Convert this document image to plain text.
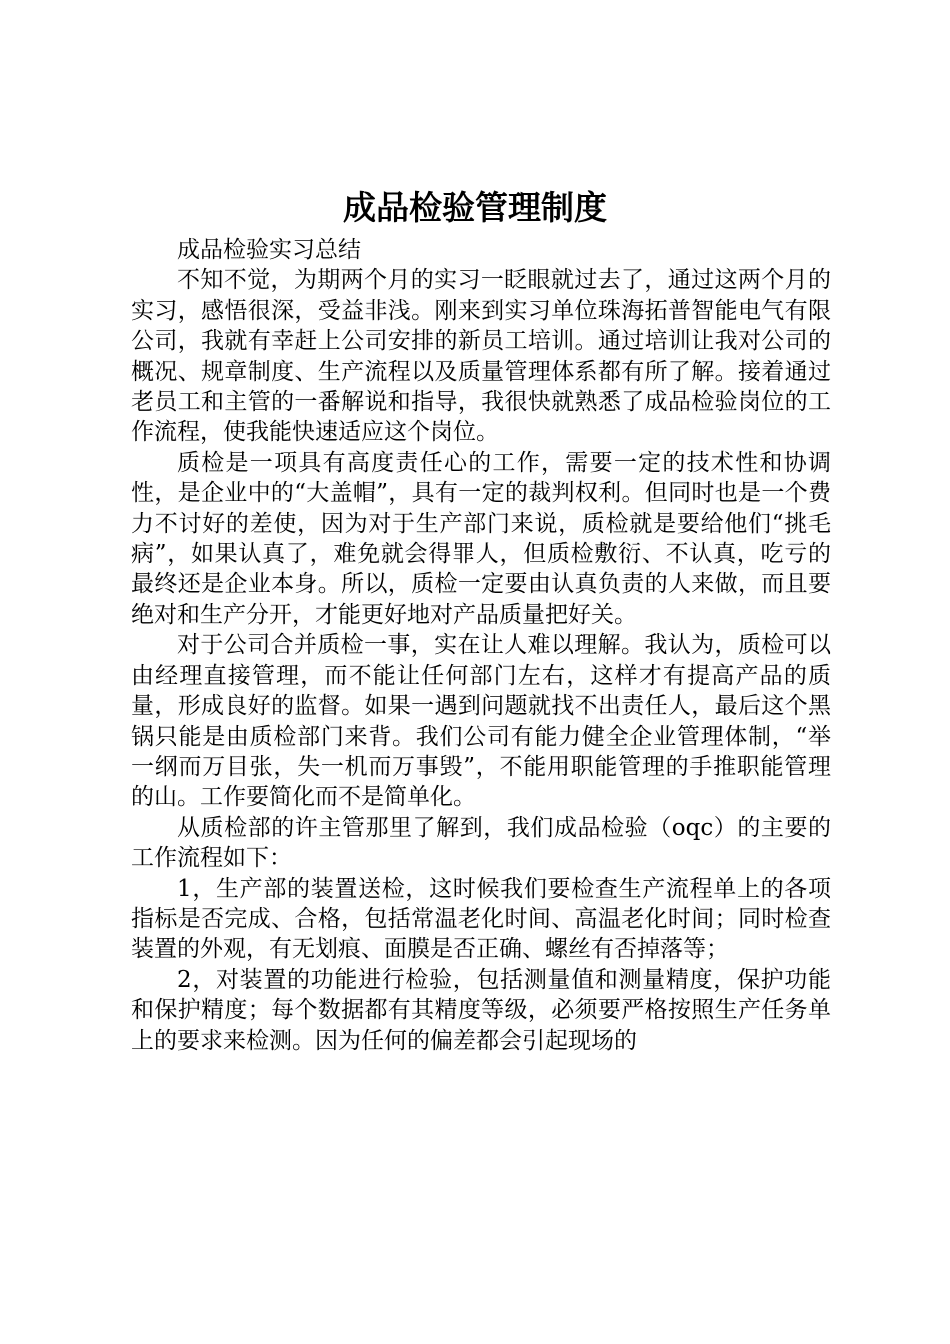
成品检验管理制度

成品检验实习总结

不知不觉，为期两个月的实习一眨眼就过去了，通过这两个月的实习，感悟很深，受益非浅。刚来到实习单位珠海拓普智能电气有限公司，我就有幸赶上公司安排的新员工培训。通过培训让我对公司的概况、规章制度、生产流程以及质量管理体系都有所了解。接着通过老员工和主管的一番解说和指导，我很快就熟悉了成品检验岗位的工作流程，使我能快速适应这个岗位。

质检是一项具有高度责任心的工作，需要一定的技术性和协调性，是企业中的“大盖帽”，具有一定的裁判权利。但同时也是一个费力不讨好的差使，因为对于生产部门来说，质检就是要给他们“挑毛病”，如果认真了，难免就会得罪人，但质检敷衍、不认真，吃亏的最终还是企业本身。所以，质检一定要由认真负责的人来做，而且要绝对和生产分开，才能更好地对产品质量把好关。

对于公司合并质检一事，实在让人难以理解。我认为，质检可以由经理直接管理，而不能让任何部门左右，这样才有提高产品的质量，形成良好的监督。如果一遇到问题就找不出责任人，最后这个黑锅只能是由质检部门来背。我们公司有能力健全企业管理体制，“举一纲而万目张，失一机而万事毁”，不能用职能管理的手推职能管理的山。工作要简化而不是简单化。

从质检部的许主管那里了解到，我们成品检验（oqc）的主要的工作流程如下：

1，生产部的装置送检，这时候我们要检查生产流程单上的各项指标是否完成、合格，包括常温老化时间、高温老化时间；同时检查装置的外观，有无划痕、面膜是否正确、螺丝有否掉落等；

2，对装置的功能进行检验，包括测量值和测量精度，保护功能和保护精度；每个数据都有其精度等级，必须要严格按照生产任务单上的要求来检测。因为任何的偏差都会引起现场的
